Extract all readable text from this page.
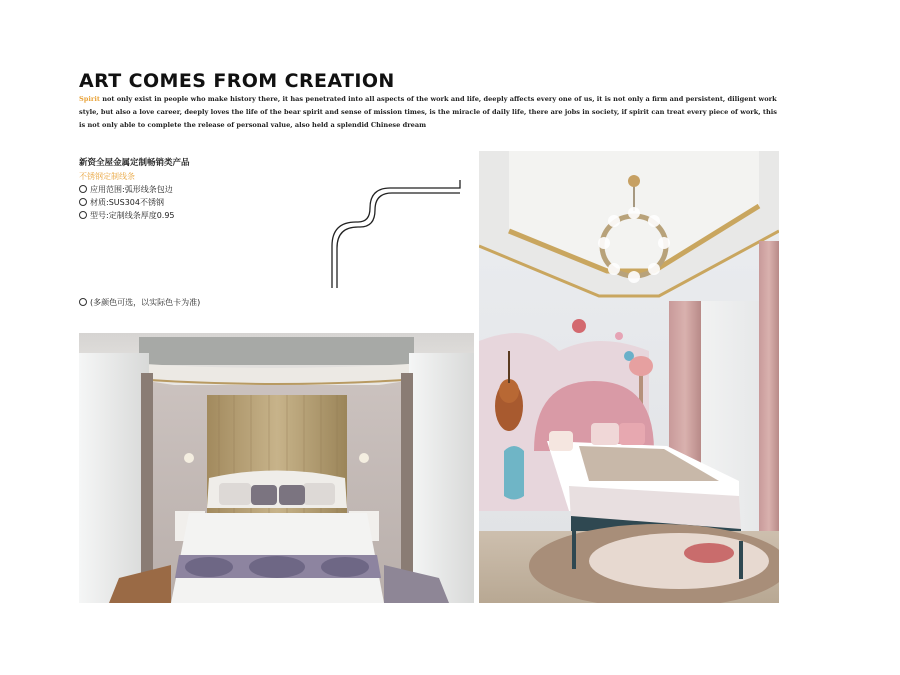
ART COMES FROM CREATION
Spirit not only exist in people who make history there, it has penetrated into all aspects of the work and life, deeply affects every one of us, it is not only a firm and persistent, diligent work style, but also a love career, deeply loves the life of the bear spirit and sense of mission times, is the miracle of daily life, there are jobs in society, if spirit can treat every piece of work, this is not only able to complete the release of personal value, also held a splendid Chinese dream
新资全屋金属定制畅销类产品
不锈钢定制线条
应用范围:弧形线条包边
材质:SUS304不锈钢
型号:定制线条厚度0.95
(多颜色可选，以实际色卡为准)
